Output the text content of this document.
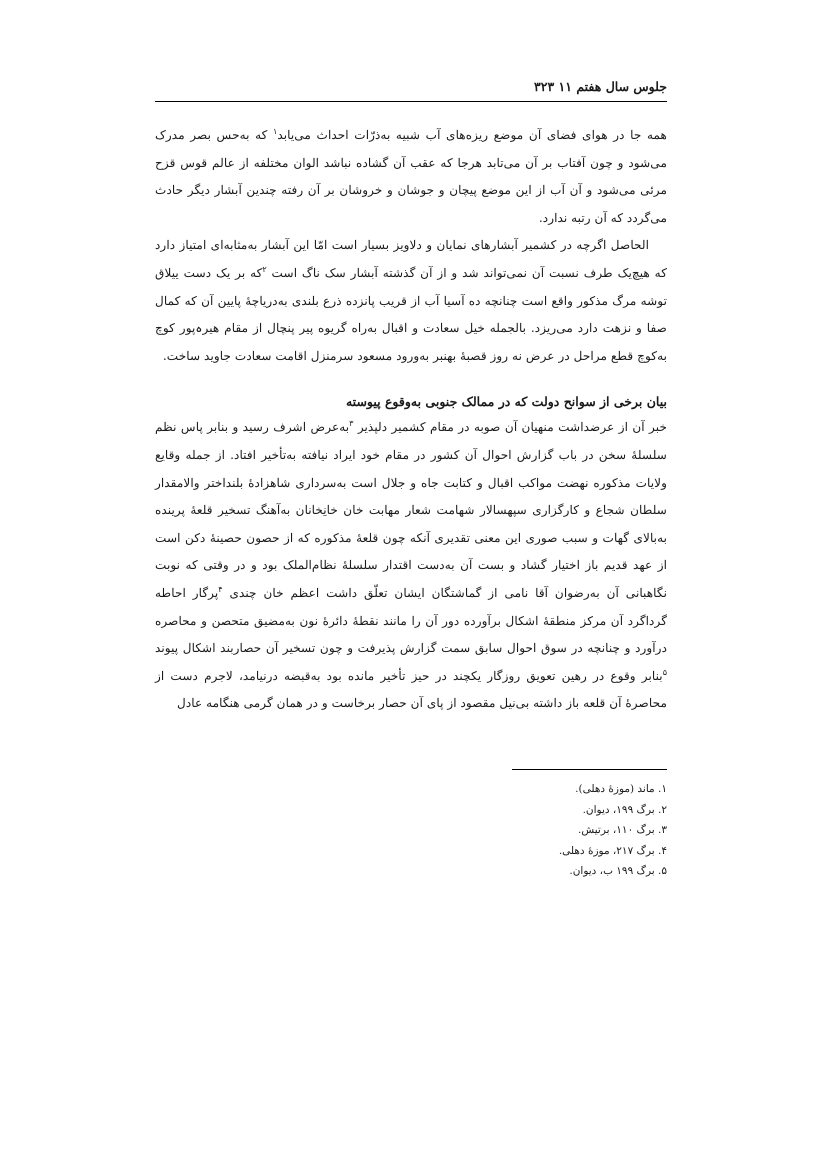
جلوس سال هفتم ۱۱ ۳۲۳

همه جا در هوای فضای آن موضع ریزه‌های آب شبیه به‌ذرّات احداث می‌یابد$^۱$ که به‌حس بصر مدرک می‌شود و چون آفتاب بر آن می‌تابد هرجا که عقب آن گشاده نباشد الوان مختلفه از عالم قوس قزح مرئی می‌شود و آن آب از این موضع پیچان و جوشان و خروشان بر آن رفته چندین آبشار دیگر حادث می‌گردد که آن رتبه ندارد.

الحاصل اگرچه در کشمیر آبشارهای نمایان و دلاویز بسیار است امّا این آبشار به‌مثابه‌ای امتیاز دارد که هیچ‌یک طرف نسبت آن نمی‌تواند شد و از آن گذشته آبشار سک ناگ است $^۲$که بر یک دست ییلاق توشه مرگ مذکور واقع است چنانچه ده آسیا آب از قریب پانزده ذرع بلندی به‌دریاچهٔ پایین آن که کمال صفا و نزهت دارد می‌ریزد. بالجمله خیل سعادت و اقبال به‌راه گریوه پیر پنچال از مقام هیرہ‌پور کوچ به‌کوچ قطع مراحل در عرض نه روز قصبهٔ بهنبر به‌ورود مسعود سرمنزل اقامت سعادت جاوید ساخت.

بیان برخی از سوانح دولت که در ممالک جنوبی به‌وقوع پیوسته

خبر آن از عرضداشت منهیان آن صوبه در مقام کشمیر دلپذیر $^۳$به‌عرض اشرف رسید و بنابر پاس نظم سلسلهٔ سخن در باب گزارش احوال آن کشور در مقام خود ایراد نیافته به‌تأخیر افتاد. از جمله وقایع ولایات مذکوره نهضت مواکب اقبال و کتابت جاه و جلال است به‌سرداری شاهزادهٔ بلنداختر والامقدار سلطان شجاع و کارگزاری سپهسالار شهامت شعار مهابت خان خانِخانان به‌آهنگ تسخیر قلعهٔ پرینده به‌بالای گهات و سبب صوری این معنی تقدیری آنکه چون قلعهٔ مذکوره که از حصون حصینهٔ دکن است از عهد قدیم باز اختیار گشاد و بست آن به‌دست اقتدار سلسلهٔ نظام‌الملک بود و در وقتی که نوبت نگاهبانی آن به‌رضوان آقا نامی از گماشتگان ایشان تعلّق داشت اعظم خان چندی $^۴$پرگار احاطه گرداگرد آن مرکز منطقهٔ اشکال برآورده دور آن را مانند نقطهٔ دائرهٔ نون به‌مضیق متحصن و محاصره درآورد و چنانچه در سوق احوال سابق سمت گزارش پذیرفت و چون تسخیر آن حصاربند اشکال پیوند $^۵$بنابر وقوع در رهین تعویق روزگار یکچند در حیز تأخیر مانده بود به‌قبضه درنیامد، لاجرم دست از محاصرهٔ آن قلعه باز داشته بی‌نیل مقصود از پای آن حصار برخاست و در همان گرمی هنگامه عادل

۱. ماند (موزهٔ دهلی).
۲. برگ ۱۹۹، دیوان.
۳. برگ ۱۱۰، برتیش.
۴. برگ ۲۱۷، موزهٔ دهلی.
۵. برگ ۱۹۹ ب، دیوان.
